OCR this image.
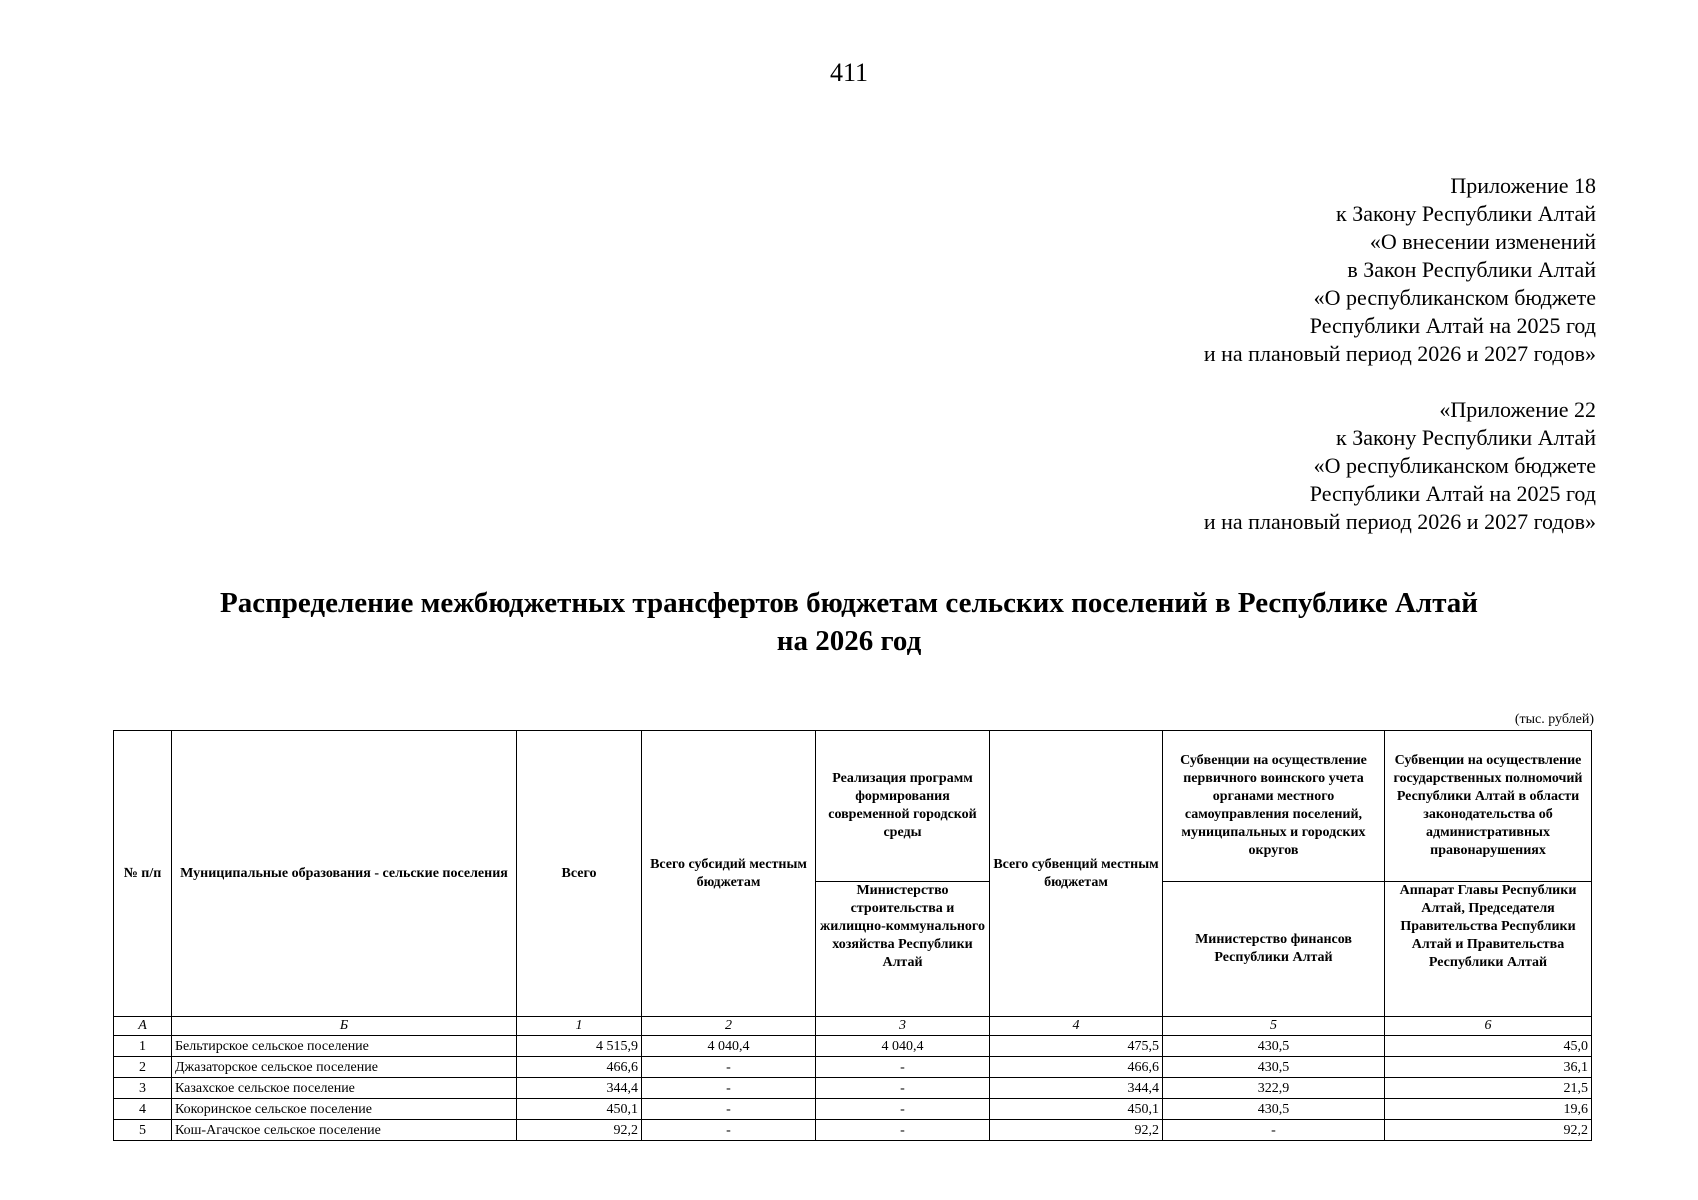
411
Приложение 18
к Закону Республики Алтай
«О внесении изменений
в Закон Республики Алтай
«О республиканском бюджете
Республики Алтай на 2025 год
и на плановый период 2026 и 2027 годов»
«Приложение 22
к Закону Республики Алтай
«О республиканском бюджете
Республики Алтай на 2025 год
и на плановый период 2026 и 2027 годов»
Распределение межбюджетных трансфертов бюджетам сельских поселений в Республике Алтай
на 2026 год
(тыс. рублей)
№ п/п	Муниципальные образования - сельские поселения	Всего	Всего субсидий местным бюджетам	Реализация программ формирования современной городской среды	Всего субвенций местным бюджетам	Субвенции на осуществление первичного воинского учета органами местного самоуправления поселений, муниципальных и городских округов	Субвенции на осуществление государственных полномочий Республики Алтай в области законодательства об административных правонарушениях
				Министерство строительства и жилищно-коммунального хозяйства Республики Алтай		Министерство финансов Республики Алтай	Аппарат Главы Республики Алтай, Председателя Правительства Республики Алтай и Правительства Республики Алтай
А	Б	1	2	3	4	5	6
1	Бельтирское сельское поселение	4 515,9	4 040,4	4 040,4	475,5	430,5	45,0
2	Джазаторское сельское поселение	466,6	-	-	466,6	430,5	36,1
3	Казахское сельское поселение	344,4	-	-	344,4	322,9	21,5
4	Кокоринское сельское поселение	450,1	-	-	450,1	430,5	19,6
5	Кош-Агачское сельское поселение	92,2	-	-	92,2	-	92,2
